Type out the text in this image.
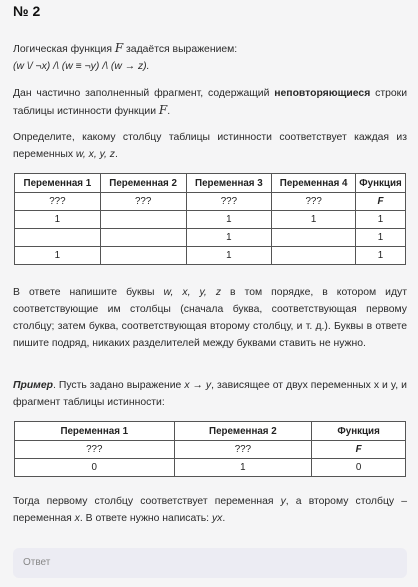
№ 2
Логическая функция F задаётся выражением:
(w \/ ¬x) /\ (w ≡ ¬y) /\ (w → z).
Дан частично заполненный фрагмент, содержащий неповторяющиеся строки таблицы истинности функции F.
Определите, какому столбцу таблицы истинности соответствует каждая из переменных w, x, y, z.
Переменная 1	Переменная 2	Переменная 3	Переменная 4	Функция
???	???	???	???	F
1		1	1	1
		1		1
1		1		1
В ответе напишите буквы w, x, y, z в том порядке, в котором идут соответствующие им столбцы (сначала буква, соответствующая первому столбцу; затем буква, соответствующая второму столбцу, и т. д.). Буквы в ответе пишите подряд, никаких разделителей между буквами ставить не нужно.
Пример. Пусть задано выражение x → y, зависящее от двух переменных x и y, и фрагмент таблицы истинности:
Переменная 1	Переменная 2	Функция
???	???	F
0	1	0
Тогда первому столбцу соответствует переменная y, а второму столбцу – переменная x. В ответе нужно написать: yx.
Ответ
